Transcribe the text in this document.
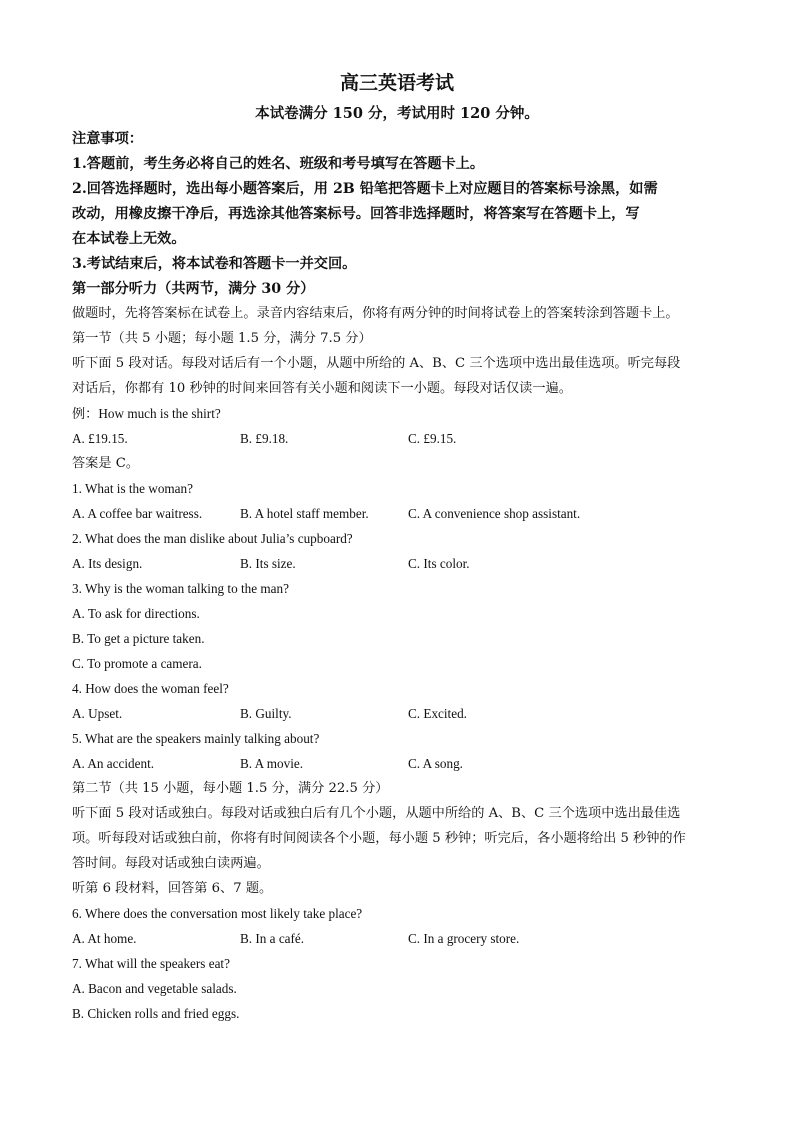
高三英语考试
本试卷满分 150 分，考试用时 120 分钟。
注意事项：
1.答题前，考生务必将自己的姓名、班级和考号填写在答题卡上。
2.回答选择题时，选出每小题答案后，用 2B 铅笔把答题卡上对应题目的答案标号涂黑，如需
改动，用橡皮擦干净后，再选涂其他答案标号。回答非选择题时，将答案写在答题卡上，写
在本试卷上无效。
3.考试结束后，将本试卷和答题卡一并交回。
第一部分听力（共两节，满分 30 分）
做题时，先将答案标在试卷上。录音内容结束后，你将有两分钟的时间将试卷上的答案转涂到答题卡上。
第一节（共 5 小题；每小题 1.5 分，满分 7.5 分）
听下面 5 段对话。每段对话后有一个小题，从题中所给的 A、B、C 三个选项中选出最佳选项。听完每段
对话后，你都有 10 秒钟的时间来回答有关小题和阅读下一小题。每段对话仅读一遍。
例：How much is the shirt?
A. £19.15.	B. £9.18.	C. £9.15.
答案是 C。
1. What is the woman?
A. A coffee bar waitress.	B. A hotel staff member.	C. A convenience shop assistant.
2. What does the man dislike about Julia’s cupboard?
A. Its design.	B. Its size.	C. Its color.
3. Why is the woman talking to the man?
A. To ask for directions.
B. To get a picture taken.
C. To promote a camera.
4. How does the woman feel?
A. Upset.	B. Guilty.	C. Excited.
5. What are the speakers mainly talking about?
A. An accident.	B. A movie.	C. A song.
第二节（共 15 小题，每小题 1.5 分，满分 22.5 分）
听下面 5 段对话或独白。每段对话或独白后有几个小题，从题中所给的 A、B、C 三个选项中选出最佳选
项。听每段对话或独白前，你将有时间阅读各个小题，每小题 5 秒钟；听完后，各小题将给出 5 秒钟的作
答时间。每段对话或独白读两遍。
听第 6 段材料，回答第 6、7 题。
6. Where does the conversation most likely take place?
A. At home.	B. In a café.	C. In a grocery store.
7. What will the speakers eat?
A. Bacon and vegetable salads.
B. Chicken rolls and fried eggs.
